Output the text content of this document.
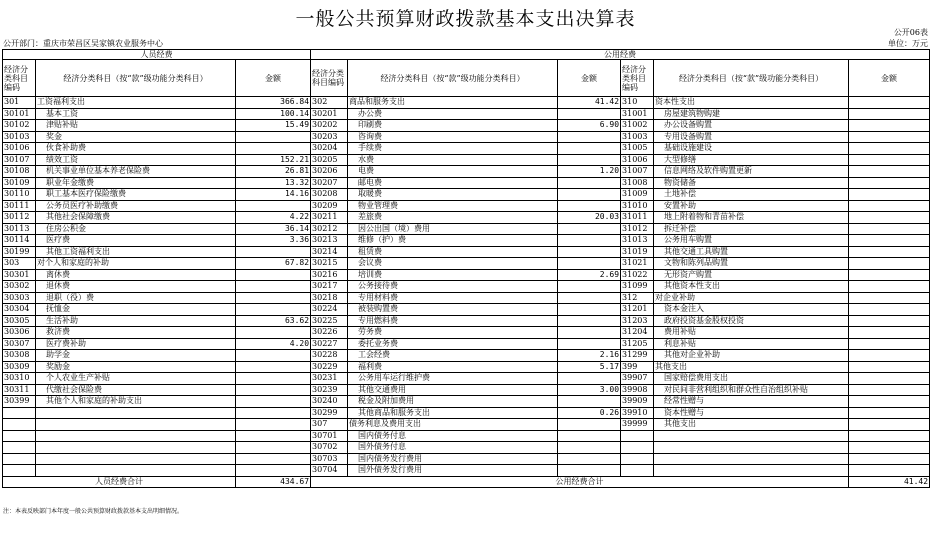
一般公共预算财政拨款基本支出决算表
公开06表
公开部门：重庆市荣昌区吴家镇农业服务中心	单位：万元
人员经费			公用经费					
经济分类科目编码	经济分类科目（按“款”级功能分类科目）	金额	经济分类科目编码	经济分类科目（按“款”级功能分类科目）	金额	经济分类科目编码	经济分类科目（按“款”级功能分类科目）	金额
301	工资福利支出	366.84	302	商品和服务支出	41.42	310	资本性支出	
30101	基本工资	100.14	30201	办公费		31001	房屋建筑物购建	
30102	津贴补贴	15.49	30202	印刷费	6.90	31002	办公设备购置	
30103	奖金		30203	咨询费		31003	专用设备购置	
30106	伙食补助费		30204	手续费		31005	基础设施建设	
30107	绩效工资	152.21	30205	水费		31006	大型修缮	
30108	机关事业单位基本养老保险费	26.81	30206	电费	1.20	31007	信息网络及软件购置更新	
30109	职业年金缴费	13.32	30207	邮电费		31008	物资储备	
30110	职工基本医疗保险缴费	14.16	30208	取暖费		31009	土地补偿	
30111	公务员医疗补助缴费		30209	物业管理费		31010	安置补助	
30112	其他社会保障缴费	4.22	30211	差旅费	20.03	31011	地上附着物和青苗补偿	
30113	住房公积金	36.14	30212	因公出国（境）费用		31012	拆迁补偿	
30114	医疗费	3.36	30213	维修（护）费		31013	公务用车购置	
30199	其他工资福利支出		30214	租赁费		31019	其他交通工具购置	
303	对个人和家庭的补助	67.82	30215	会议费		31021	文物和陈列品购置	
30301	离休费		30216	培训费	2.69	31022	无形资产购置	
30302	退休费		30217	公务接待费		31099	其他资本性支出	
30303	退职（役）费		30218	专用材料费		312	对企业补助	
30304	抚恤金		30224	被装购置费		31201	资本金注入	
30305	生活补助	63.62	30225	专用燃料费		31203	政府投资基金股权投资	
30306	救济费		30226	劳务费		31204	费用补贴	
30307	医疗费补助	4.20	30227	委托业务费		31205	利息补贴	
30308	助学金		30228	工会经费	2.16	31299	其他对企业补助	
30309	奖励金		30229	福利费	5.17	399	其他支出	
30310	个人农业生产补贴		30231	公务用车运行维护费		39907	国家赔偿费用支出	
30311	代缴社会保险费		30239	其他交通费用	3.00	39908	对民间非营利组织和群众性自治组织补贴	
30399	其他个人和家庭的补助支出		30240	税金及附加费用		39909	经常性赠与	
			30299	其他商品和服务支出	0.26	39910	资本性赠与	
			307	债务利息及费用支出		39999	其他支出	
			30701	国内债务付息				
			30702	国外债务付息				
			30703	国内债务发行费用				
			30704	国外债务发行费用				
人员经费合计		434.67	公用经费合计					41.42
注：本表反映部门本年度一般公共预算财政拨款基本支出明细情况。
